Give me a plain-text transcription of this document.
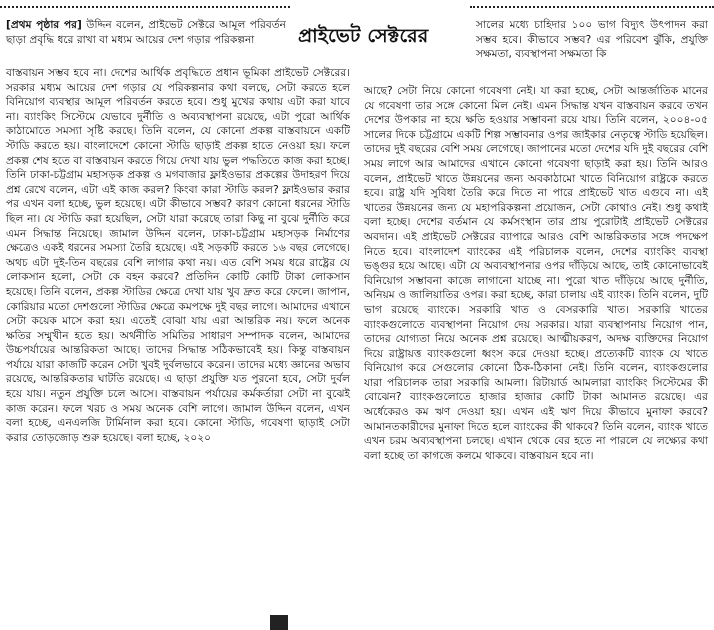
[প্রথম পৃষ্ঠার পর] উদ্দিন বলেন, প্রাইভেট সেক্টরে আমূল পরিবর্তন ছাড়া প্রবৃদ্ধি ধরে রাখা বা মধ্যম আয়ের দেশ গড়ার পরিকল্পনা	প্রাইভেট সেক্টরের	সালের মধ্যে চাহিদার ১০০ ভাগ বিদ্যুৎ উৎপাদন করা সম্ভব হবে। কীভাবে সম্ভব? এর পরিবেশ ঝুঁকি, প্রযুক্তি সক্ষমতা, ব্যবস্থাপনা সক্ষমতা কি

বাস্তবায়ন সম্ভব হবে না। দেশের আর্থিক প্রবৃদ্ধিতে প্রধান ভূমিকা প্রাইভেট সেক্টরের। সরকার মধ্যম আয়ের দেশ গড়ার যে পরিকল্পনার কথা বলছে, সেটা করতে হলে বিনিয়োগ ব্যবস্থার আমূল পরিবর্তন করতে হবে। শুধু মুখের কথায় এটা করা যাবে না। ব্যাংকিং সিস্টেমে যেভাবে দুর্নীতি ও অব্যবস্থাপনা রয়েছে, এটা পুরো আর্থিক কাঠামোতে সমস্যা সৃষ্টি করছে। তিনি বলেন, যে কোনো প্রকল্প বাস্তবায়নে একটি স্টাডি করতে হয়। বাংলাদেশে কোনো স্টাডি ছাড়াই প্রকল্প হাতে নেওয়া হয়। ফলে প্রকল্প শেষ হতে বা বাস্তবায়ন করতে গিয়ে দেখা যায় ভুল পদ্ধতিতে কাজ করা হচ্ছে। তিনি ঢাকা-চট্টগ্রাম মহাসড়ক প্রকল্প ও মগবাজার ফ্লাইওভার প্রকল্পের উদাহরণ দিয়ে প্রশ্ন রেখে বলেন, এটা এই কাজ করল? কিংবা কারা স্টাডি করল? ফ্লাইওভার করার পর এখন বলা হচ্ছে, ভুল হয়েছে। এটা কীভাবে সম্ভব? কারণ কোনো ধরনের স্টাডি ছিল না। যে স্টাডি করা হয়েছিল, সেটা যারা করেছে তারা কিছু না বুঝে দুর্নীতি করে এমন সিদ্ধান্ত নিয়েছে। জামাল উদ্দিন বলেন, ঢাকা-চট্টগ্রাম মহাসড়ক নির্মাণের ক্ষেত্রেও একই ধরনের সমস্যা তৈরি হয়েছে। এই সড়কটি করতে ১৬ বছর লেগেছে। অথচ এটা দুই-তিন বছরের বেশি লাগার কথা নয়। এত বেশি সময় ধরে রাষ্ট্রের যে লোকসান হলো, সেটা কে বহন করবে? প্রতিদিন কোটি কোটি টাকা লোকসান হয়েছে। তিনি বলেন, প্রকল্প স্টাডির ক্ষেত্রে দেখা যায় খুব দ্রুত করে ফেলে। জাপান, কোরিয়ার মতো দেশগুলো স্টাডির ক্ষেত্রে কমপক্ষে দুই বছর লাগে। আমাদের এখানে সেটা কয়েক মাসে করা হয়। এতেই বোঝা যায় এরা আন্তরিক নয়। ফলে অনেক ক্ষতির সম্মুখীন হতে হয়। অর্থনীতি সমিতির সাধারণ সম্পাদক বলেন, আমাদের উচ্চপর্যায়ের আন্তরিকতা আছে। তাদের সিদ্ধান্ত সঠিকভাবেই হয়। কিন্তু বাস্তবায়ন পর্যায়ে যারা কাজটি করেন সেটা খুবই দুর্বলভাবে করেন। তাদের মধ্যে জ্ঞানের অভাব রয়েছে, আন্তরিকতার ঘাটতি রয়েছে। এ ছাড়া প্রযুক্তি যত পুরনো হবে, সেটা দুর্বল হয়ে যায়। নতুন প্রযুক্তি চলে আসে। বাস্তবায়ন পর্যায়ের কর্মকর্তারা সেটা না বুঝেই কাজ করেন। ফলে খরচ ও সময় অনেক বেশি লাগে। জামাল উদ্দিন বলেন, এখন বলা হচ্ছে, এনএলজি টার্মিনাল করা হবে। কোনো স্টাডি, গবেষণা ছাড়াই সেটা করার তোড়জোড় শুরু হয়েছে। বলা হচ্ছে, ২০২০

আছে? সেটা নিয়ে কোনো গবেষণা নেই। যা করা হচ্ছে, সেটা আন্তর্জাতিক মানের যে গবেষণা তার সঙ্গে কোনো মিল নেই। এমন সিদ্ধান্ত যখন বাস্তবায়ন করবে তখন দেশের উপকার না হয়ে ক্ষতি হওয়ার সম্ভাবনা রয়ে যায়। তিনি বলেন, ২০০৪-০৫ সালের দিকে চট্টগ্রামে একটি শিল্প সম্ভাবনার ওপর জাইকার নেতৃত্বে স্টাডি হয়েছিল। তাদের দুই বছরের বেশি সময় লেগেছে। জাপানের মতো দেশের যদি দুই বছরের বেশি সময় লাগে আর আমাদের এখানে কোনো গবেষণা ছাড়াই করা হয়। তিনি আরও বলেন, প্রাইভেট খাতে উন্নয়নের জন্য অবকাঠামো খাতে বিনিয়োগ রাষ্ট্রকে করতে হবে। রাষ্ট্র যদি সুবিধা তৈরি করে দিতে না পারে প্রাইভেট খাত এগুবে না। এই খাতের উন্নয়নের জন্য যে মহাপরিকল্পনা প্রয়োজন, সেটা কোথাও নেই। শুধু কথাই বলা হচ্ছে। দেশের বর্তমান যে কর্মসংস্থান তার প্রায় পুরোটাই প্রাইভেট সেক্টরের অবদান। এই প্রাইভেট সেক্টরের ব্যাপারে আরও বেশি আন্তরিকতার সঙ্গে পদক্ষেপ নিতে হবে। বাংলাদেশ ব্যাংকের এই পরিচালক বলেন, দেশের ব্যাংকিং ব্যবস্থা ভঙ্গুর হয়ে আছে। এটা যে অব্যবস্থাপনার ওপর দাঁড়িয়ে আছে, তাই কোনোভাবেই বিনিয়োগ সম্ভাবনা কাজে লাগানো যাচ্ছে না। পুরো খাত দাঁড়িয়ে আছে দুর্নীতি, অনিয়ম ও জালিয়াতির ওপর। করা হচ্ছে, কারা চালায় এই ব্যাংক। তিনি বলেন, দুটি ভাগ রয়েছে ব্যাংকে। সরকারি খাত ও বেসরকারি খাত। সরকারি খাতের ব্যাংকগুলোতে ব্যবস্থাপনা নিয়োগ দেয় সরকার। যারা ব্যবস্থাপনায় নিয়োগ পান, তাদের যোগ্যতা নিয়ে অনেক প্রশ্ন রয়েছে। আত্মীয়করণ, অদক্ষ ব্যক্তিদের নিয়োগ দিয়ে রাষ্ট্রায়ত্ত ব্যাংকগুলো ধ্বংস করে দেওয়া হচ্ছে। প্রত্যেকটি ব্যাংক যে খাতে বিনিয়োগ করে সেগুলোর কোনো ঠিক-ঠিকানা নেই। তিনি বলেন, ব্যাংকগুলোর যারা পরিচালক তারা সরকারি আমলা। রিটায়ার্ড আমলারা ব্যাংকিং সিস্টেমের কী বোঝেন? ব্যাংকগুলোতে হাজার হাজার কোটি টাকা আমানত রয়েছে। এর অর্ধেকেরও কম ঋণ দেওয়া হয়। এখন এই ঋণ দিয়ে কীভাবে মুনাফা করবে? আমানতকারীদের মুনাফা দিতে হলে ব্যাংকের কী থাকবে? তিনি বলেন, ব্যাংক খাতে এখন চরম অব্যবস্থাপনা চলছে। এখান থেকে বের হতে না পারলে যে লক্ষ্যের কথা বলা হচ্ছে তা কাগজে কলমে থাকবে। বাস্তবায়ন হবে না।
